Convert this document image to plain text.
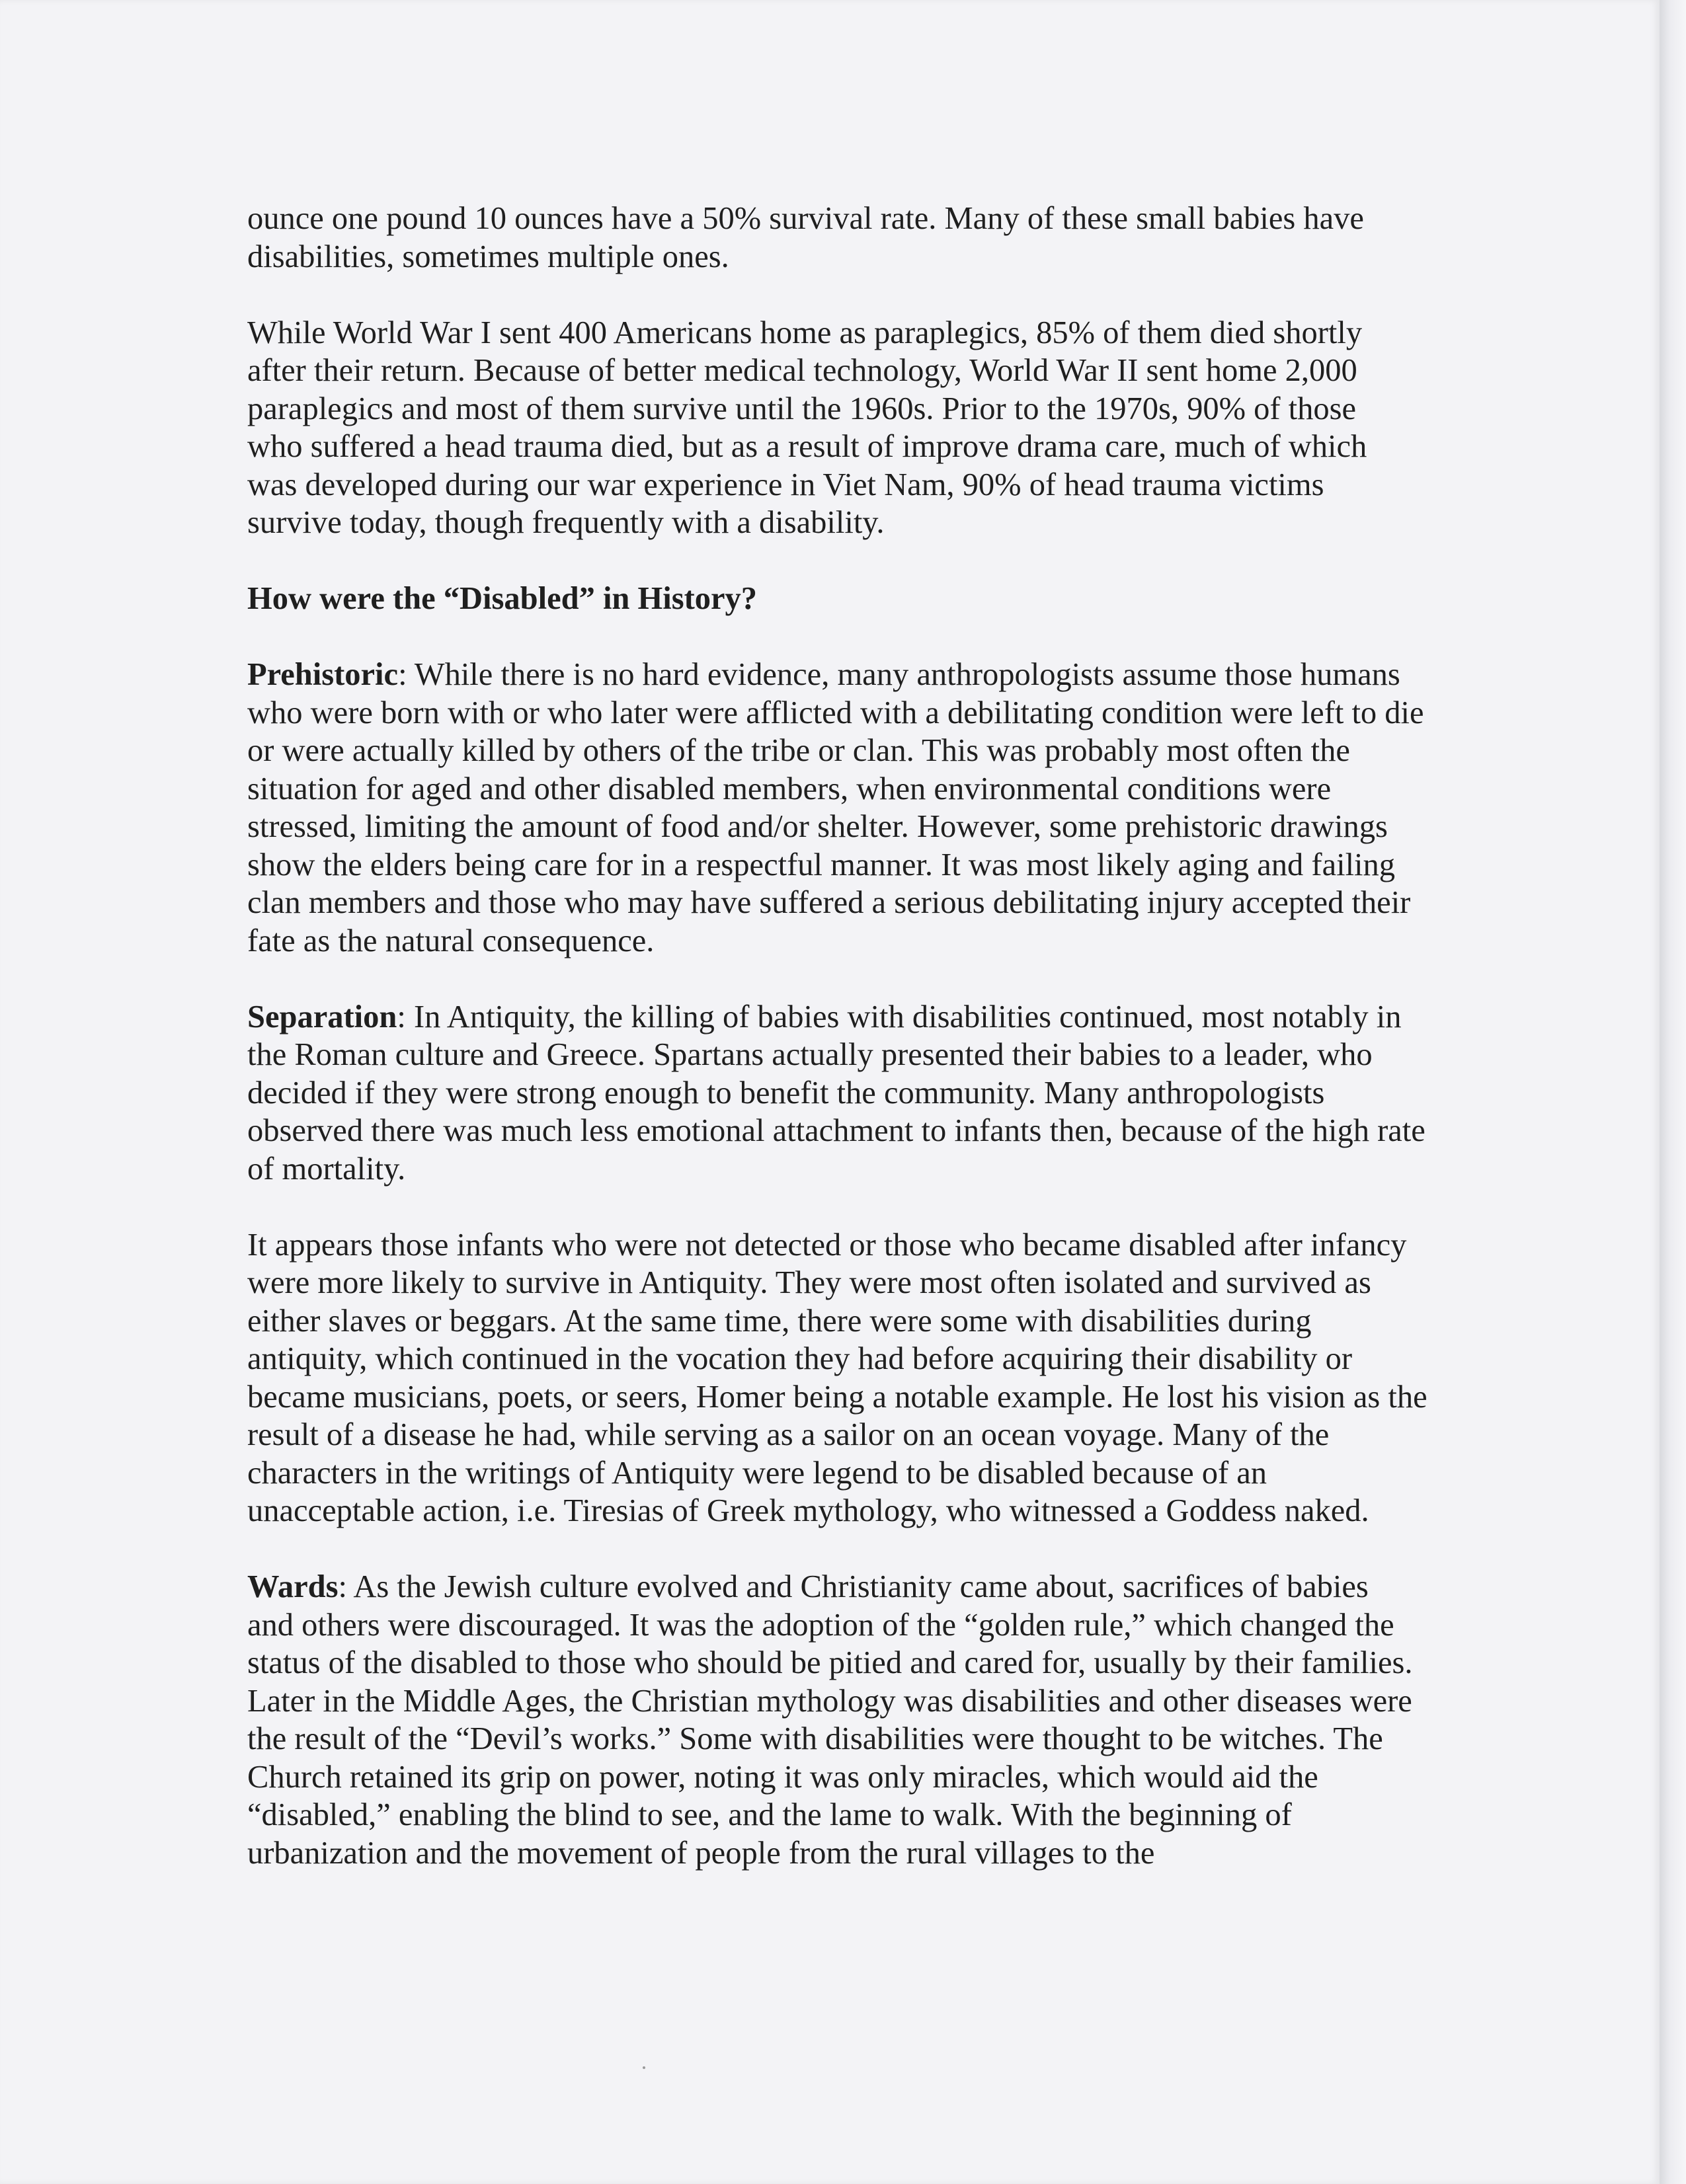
ounce one pound 10 ounces have a 50% survival rate. Many of these small babies have disabilities, sometimes multiple ones.

While World War I sent 400 Americans home as paraplegics, 85% of them died shortly after their return. Because of better medical technology, World War II sent home 2,000 paraplegics and most of them survive until the 1960s. Prior to the 1970s, 90% of those who suffered a head trauma died, but as a result of improve drama care, much of which was developed during our war experience in Viet Nam, 90% of head trauma victims survive today, though frequently with a disability.

How were the “Disabled” in History?

Prehistoric: While there is no hard evidence, many anthropologists assume those humans who were born with or who later were afflicted with a debilitating condition were left to die or were actually killed by others of the tribe or clan. This was probably most often the situation for aged and other disabled members, when environmental conditions were stressed, limiting the amount of food and/or shelter. However, some prehistoric drawings show the elders being care for in a respectful manner. It was most likely aging and failing clan members and those who may have suffered a serious debilitating injury accepted their fate as the natural consequence.

Separation: In Antiquity, the killing of babies with disabilities continued, most notably in the Roman culture and Greece. Spartans actually presented their babies to a leader, who decided if they were strong enough to benefit the community. Many anthropologists observed there was much less emotional attachment to infants then, because of the high rate of mortality.

It appears those infants who were not detected or those who became disabled after infancy were more likely to survive in Antiquity. They were most often isolated and survived as either slaves or beggars. At the same time, there were some with disabilities during antiquity, which continued in the vocation they had before acquiring their disability or became musicians, poets, or seers, Homer being a notable example. He lost his vision as the result of a disease he had, while serving as a sailor on an ocean voyage. Many of the characters in the writings of Antiquity were legend to be disabled because of an unacceptable action, i.e. Tiresias of Greek mythology, who witnessed a Goddess naked.

Wards: As the Jewish culture evolved and Christianity came about, sacrifices of babies and others were discouraged. It was the adoption of the “golden rule,” which changed the status of the disabled to those who should be pitied and cared for, usually by their families. Later in the Middle Ages, the Christian mythology was disabilities and other diseases were the result of the “Devil’s works.” Some with disabilities were thought to be witches. The Church retained its grip on power, noting it was only miracles, which would aid the “disabled,” enabling the blind to see, and the lame to walk. With the beginning of urbanization and the movement of people from the rural villages to the
